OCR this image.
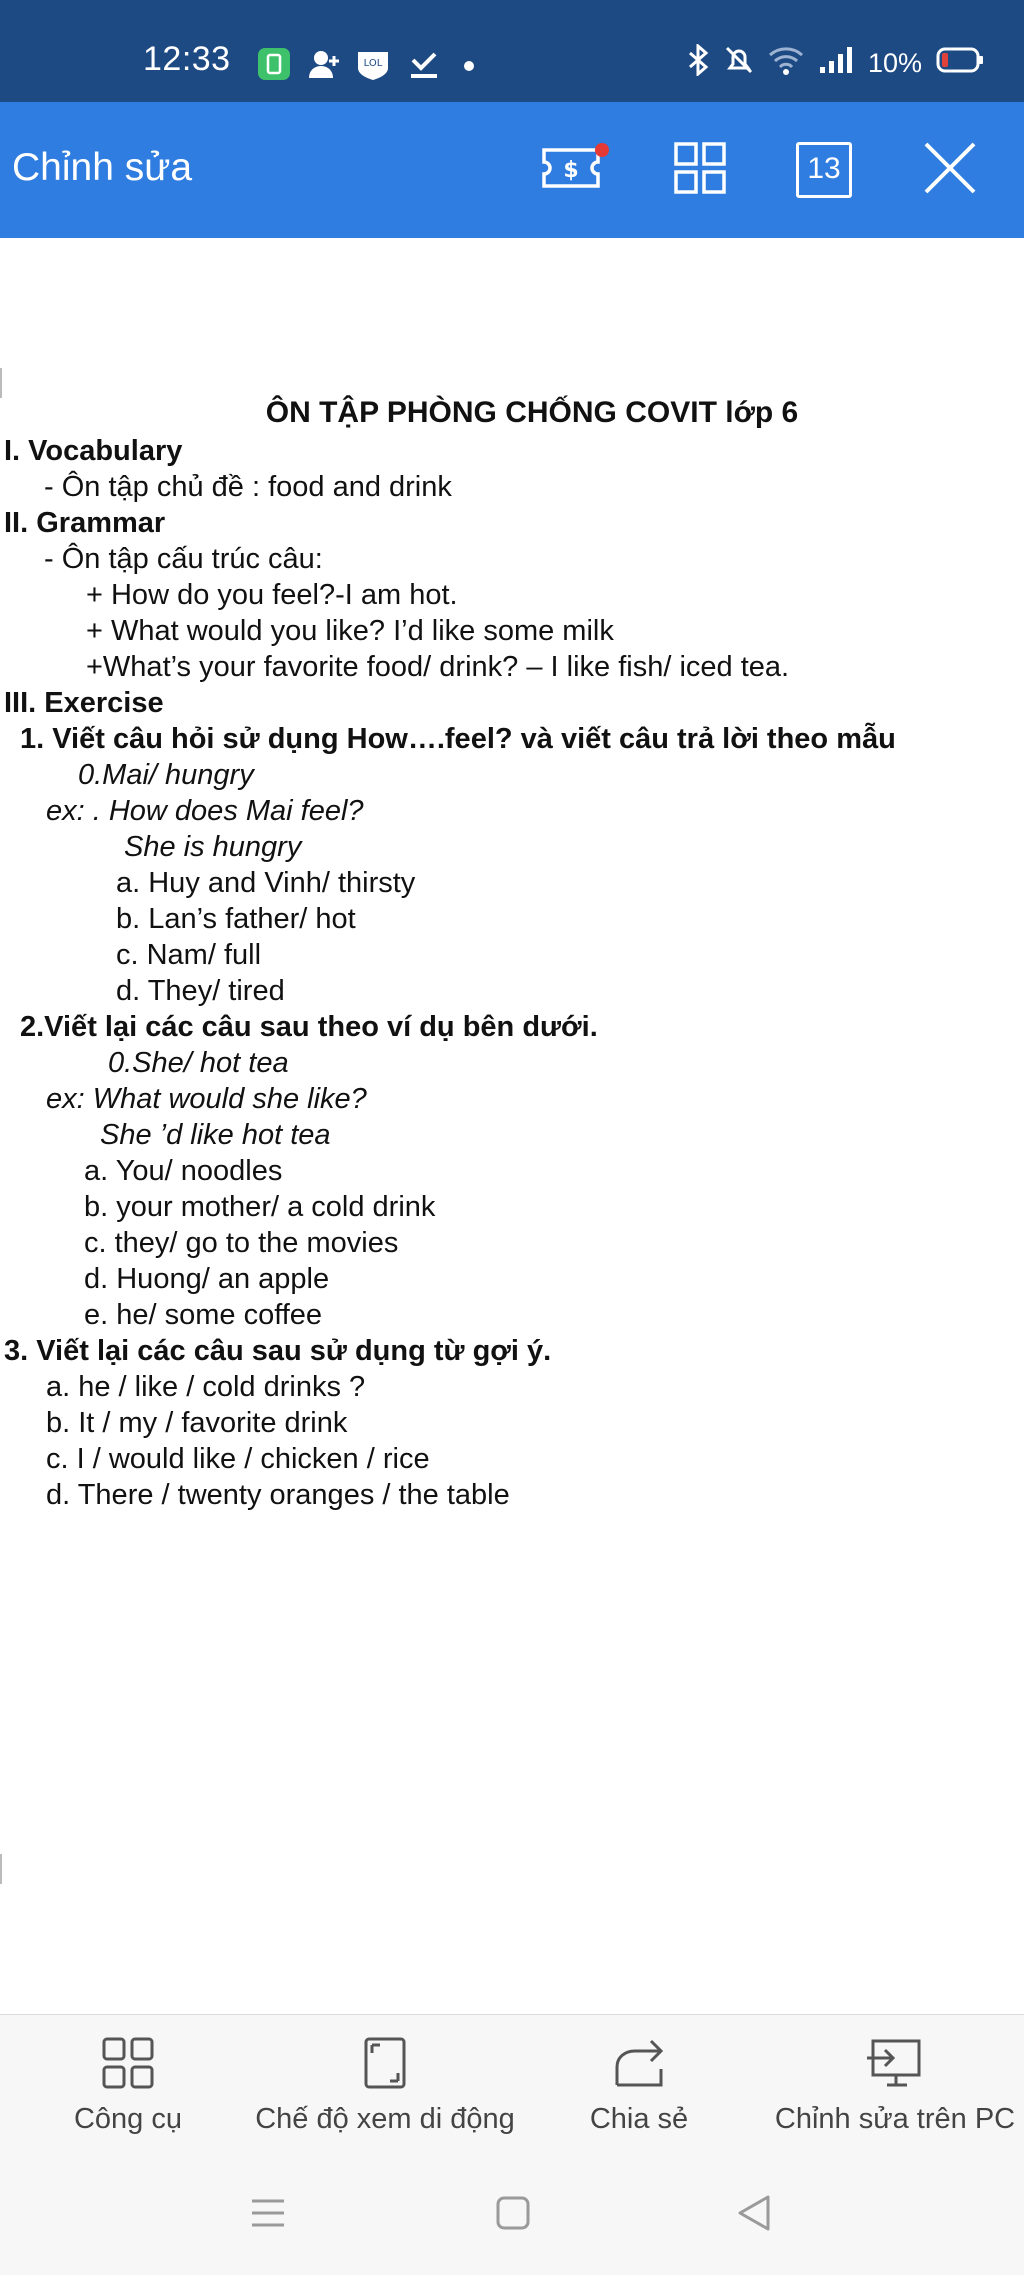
12:33	LOL	10%
Chỉnh sửa	$	13
ÔN TẬP PHÒNG CHỐNG COVIT lớp 6
I. Vocabulary
- Ôn tập chủ đề : food and drink
II. Grammar
- Ôn tập cấu trúc câu:
+ How do you feel?-I am hot.
+ What would you like? I’d like some milk
+What’s your favorite food/ drink? – I like fish/ iced tea.
III. Exercise
1. Viết câu hỏi sử dụng How….feel? và viết câu trả lời theo mẫu
0.Mai/ hungry
ex: . How does Mai feel?
She is hungry
a. Huy and Vinh/ thirsty
b. Lan’s father/ hot
c. Nam/ full
d. They/ tired
2.Viết lại các câu sau theo ví dụ bên dưới.
0.She/ hot tea
ex: What would she like?
She ’d like hot tea
a. You/ noodles
b. your mother/ a cold drink
c. they/ go to the movies
d. Huong/ an apple
e. he/ some coffee
3. Viết lại các câu sau sử dụng từ gợi ý.
a. he / like / cold drinks ?
b. It / my / favorite drink
c. I / would like / chicken / rice
d. There / twenty oranges / the table
Công cụ	Chế độ xem di động	Chia sẻ	Chỉnh sửa trên PC
